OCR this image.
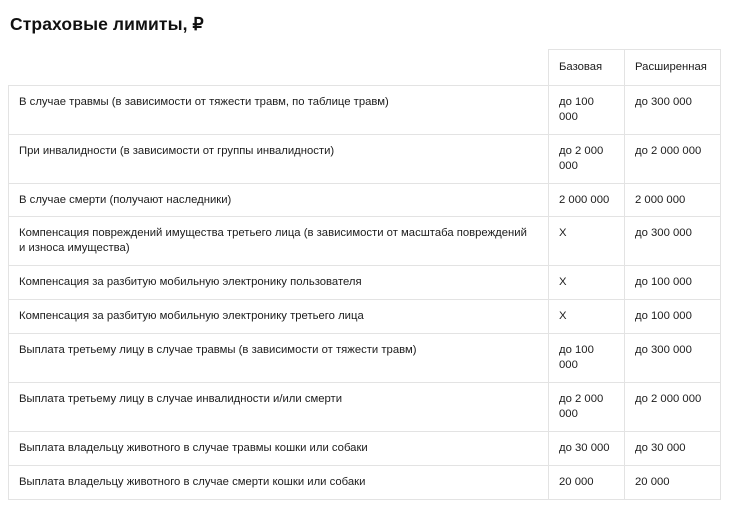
Страховые лимиты, ₽
	Базовая	Расширенная
В случае травмы (в зависимости от тяжести травм, по таблице травм)	до 100 000	до 300 000
При инвалидности (в зависимости от группы инвалидности)	до 2 000 000	до 2 000 000
В случае смерти (получают наследники)	2 000 000	2 000 000
Компенсация повреждений имущества третьего лица (в зависимости от масштаба повреждений и износа имущества)	X	до 300 000
Компенсация за разбитую мобильную электронику пользователя	X	до 100 000
Компенсация за разбитую мобильную электронику третьего лица	X	до 100 000
Выплата третьему лицу в случае травмы (в зависимости от тяжести травм)	до 100 000	до 300 000
Выплата третьему лицу в случае инвалидности и/или смерти	до 2 000 000	до 2 000 000
Выплата владельцу животного в случае травмы кошки или собаки	до 30 000	до 30 000
Выплата владельцу животного в случае смерти кошки или собаки	20 000	20 000
